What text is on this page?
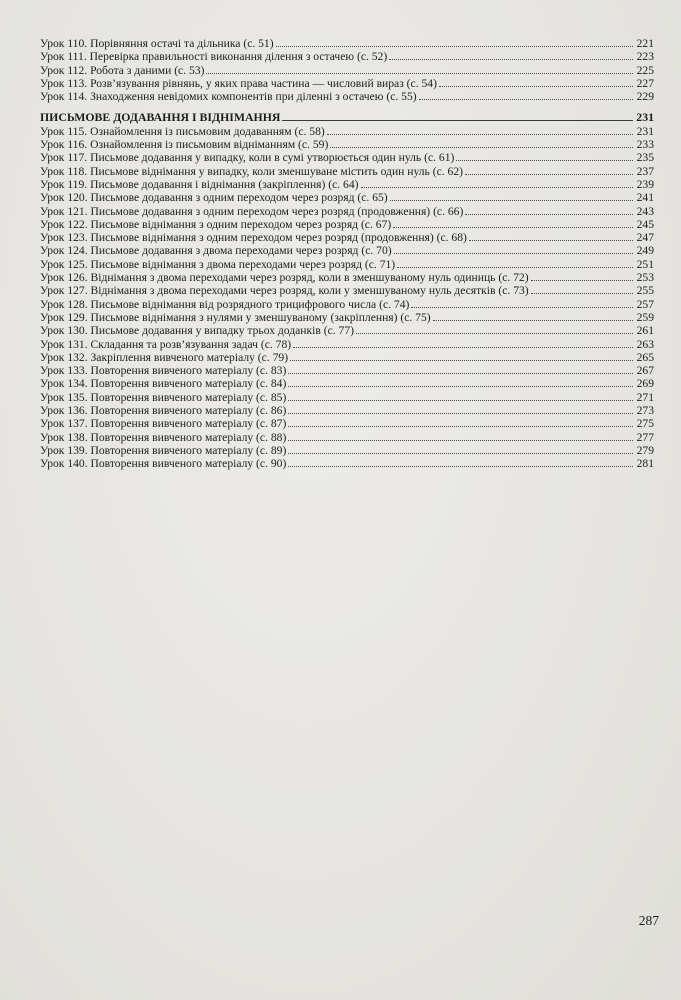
Урок 110. Порівняння остачі та дільника (с. 51)	221
Урок 111. Перевірка правильності виконання ділення з остачею (с. 52)	223
Урок 112. Робота з даними (с. 53)	225
Урок 113. Розв’язування рівнянь, у яких права частина — числовий вираз (с. 54)	227
Урок 114. Знаходження невідомих компонентів при діленні з остачею (с. 55)	229
ПИСЬМОВЕ ДОДАВАННЯ І ВІДНІМАННЯ	231
Урок 115. Ознайомлення із письмовим додаванням (с. 58)	231
Урок 116. Ознайомлення із письмовим відніманням (с. 59)	233
Урок 117. Письмове додавання у випадку, коли в сумі утворюється один нуль (с. 61)	235
Урок 118. Письмове віднімання у випадку, коли зменшуване містить один нуль (с. 62)	237
Урок 119. Письмове додавання і віднімання (закріплення) (с. 64)	239
Урок 120. Письмове додавання з одним переходом через розряд (с. 65)	241
Урок 121. Письмове додавання з одним переходом через розряд (продовження) (с. 66)	243
Урок 122. Письмове віднімання з одним переходом через розряд (с. 67)	245
Урок 123. Письмове віднімання з одним переходом через розряд (продовження) (с. 68)	247
Урок 124. Письмове додавання з двома переходами через розряд (с. 70)	249
Урок 125. Письмове віднімання з двома переходами через розряд (с. 71)	251
Урок 126. Віднімання з двома переходами через розряд, коли в зменшуваному нуль одиниць (с. 72)	253
Урок 127. Віднімання з двома переходами через розряд, коли у зменшуваному нуль десятків (с. 73)	255
Урок 128. Письмове віднімання від розрядного трицифрового числа (с. 74)	257
Урок 129. Письмове віднімання з нулями у зменшуваному (закріплення) (с. 75)	259
Урок 130. Письмове додавання у випадку трьох доданків (с. 77)	261
Урок 131. Складання та розв’язування задач (с. 78)	263
Урок 132. Закріплення вивченого матеріалу (с. 79)	265
Урок 133. Повторення вивченого матеріалу (с. 83)	267
Урок 134. Повторення вивченого матеріалу (с. 84)	269
Урок 135. Повторення вивченого матеріалу (с. 85)	271
Урок 136. Повторення вивченого матеріалу (с. 86)	273
Урок 137. Повторення вивченого матеріалу (с. 87)	275
Урок 138. Повторення вивченого матеріалу (с. 88)	277
Урок 139. Повторення вивченого матеріалу (с. 89)	279
Урок 140. Повторення вивченого матеріалу (с. 90)	281
287
